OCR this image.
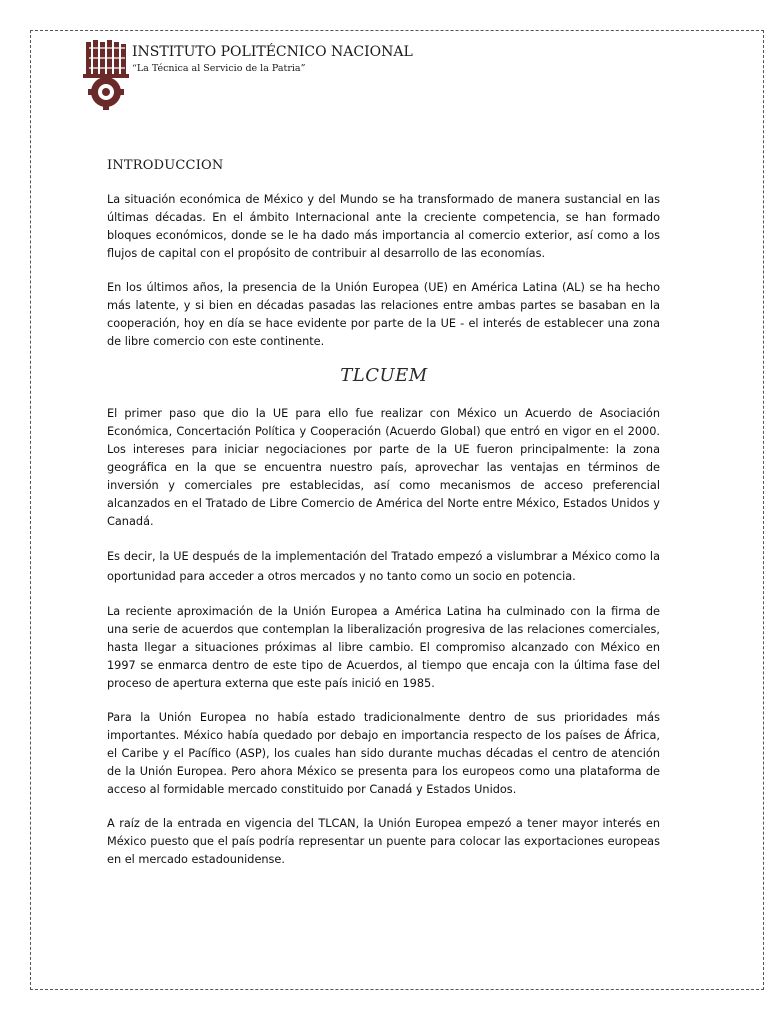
INSTITUTO POLITÉCNICO NACIONAL
“La Técnica al Servicio de la Patria”
INTRODUCCION

La situación económica de México y del Mundo se ha transformado de manera sustancial en las últimas décadas. En el ámbito Internacional ante la creciente competencia, se han formado bloques económicos, donde se le ha dado más importancia al comercio exterior, así como a los flujos de capital con el propósito de contribuir al desarrollo de las economías.

En los últimos años, la presencia de la Unión Europea (UE) en América Latina (AL) se ha hecho más latente, y si bien en décadas pasadas las relaciones entre ambas partes se basaban en la cooperación, hoy en día se hace evidente por parte de la UE - el interés de establecer una zona de libre comercio con este continente.

TLCUEM

El primer paso que dio la UE para ello fue realizar con México un Acuerdo de Asociación Económica, Concertación Política y Cooperación (Acuerdo Global) que entró en vigor en el 2000. Los intereses para iniciar negociaciones por parte de la UE fueron principalmente: la zona geográfica en la que se encuentra nuestro país, aprovechar las ventajas en términos de inversión y comerciales pre establecidas, así como mecanismos de acceso preferencial alcanzados en el Tratado de Libre Comercio de América del Norte entre México, Estados Unidos y Canadá.

Es decir, la UE después de la implementación del Tratado empezó a vislumbrar a México como la oportunidad para acceder a otros mercados y no tanto como un socio en potencia.

La reciente aproximación de la Unión Europea a América Latina ha culminado con la firma de una serie de acuerdos que contemplan la liberalización progresiva de las relaciones comerciales, hasta llegar a situaciones próximas al libre cambio. El compromiso alcanzado con México en 1997 se enmarca dentro de este tipo de Acuerdos, al tiempo que encaja con la última fase del proceso de apertura externa que este país inició en 1985.

Para la Unión Europea no había estado tradicionalmente dentro de sus prioridades más importantes. México había quedado por debajo en importancia respecto de los países de África, el Caribe y el Pacífico (ASP), los cuales han sido durante muchas décadas el centro de atención de la Unión Europea. Pero ahora México se presenta para los europeos como una plataforma de acceso al formidable mercado constituido por Canadá y Estados Unidos.

A raíz de la entrada en vigencia del TLCAN, la Unión Europea empezó a tener mayor interés en México puesto que el país podría representar un puente para colocar las exportaciones europeas en el mercado estadounidense.
